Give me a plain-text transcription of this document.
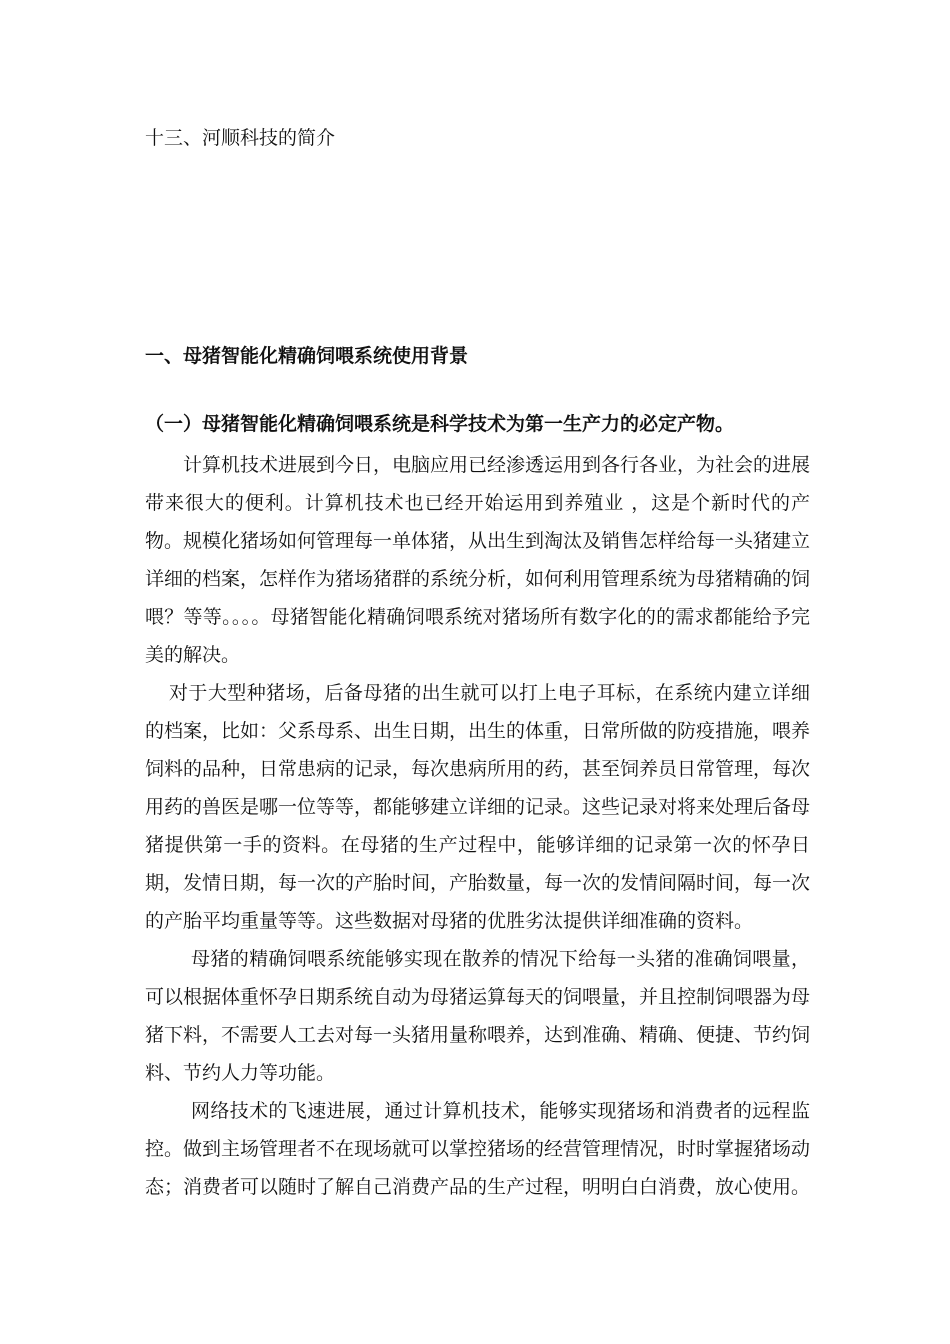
十三、河顺科技的简介
一、母猪智能化精确饲喂系统使用背景
（一）母猪智能化精确饲喂系统是科学技术为第一生产力的必定产物。

计算机技术进展到今日，电脑应用已经渗透运用到各行各业，为社会的进展带来很大的便利。计算机技术也已经开始运用到养殖业 ，这是个新时代的产物。规模化猪场如何管理每一单体猪，从出生到淘汰及销售怎样给每一头猪建立详细的档案，怎样作为猪场猪群的系统分析，如何利用管理系统为母猪精确的饲喂？等等。。。。母猪智能化精确饲喂系统对猪场所有数字化的的需求都能给予完美的解决。

对于大型种猪场，后备母猪的出生就可以打上电子耳标，在系统内建立详细的档案，比如：父系母系、出生日期，出生的体重，日常所做的防疫措施，喂养饲料的品种，日常患病的记录，每次患病所用的药，甚至饲养员日常管理，每次用药的兽医是哪一位等等，都能够建立详细的记录。这些记录对将来处理后备母猪提供第一手的资料。在母猪的生产过程中，能够详细的记录第一次的怀孕日期，发情日期，每一次的产胎时间，产胎数量，每一次的发情间隔时间，每一次的产胎平均重量等等。这些数据对母猪的优胜劣汰提供详细准确的资料。

母猪的精确饲喂系统能够实现在散养的情况下给每一头猪的准确饲喂量，可以根据体重怀孕日期系统自动为母猪运算每天的饲喂量，并且控制饲喂器为母猪下料，不需要人工去对每一头猪用量称喂养，达到准确、精确、便捷、节约饲料、节约人力等功能。

网络技术的飞速进展，通过计算机技术，能够实现猪场和消费者的远程监控。做到主场管理者不在现场就可以掌控猪场的经营管理情况，时时掌握猪场动态；消费者可以随时了解自己消费产品的生产过程，明明白白消费，放心使用。
